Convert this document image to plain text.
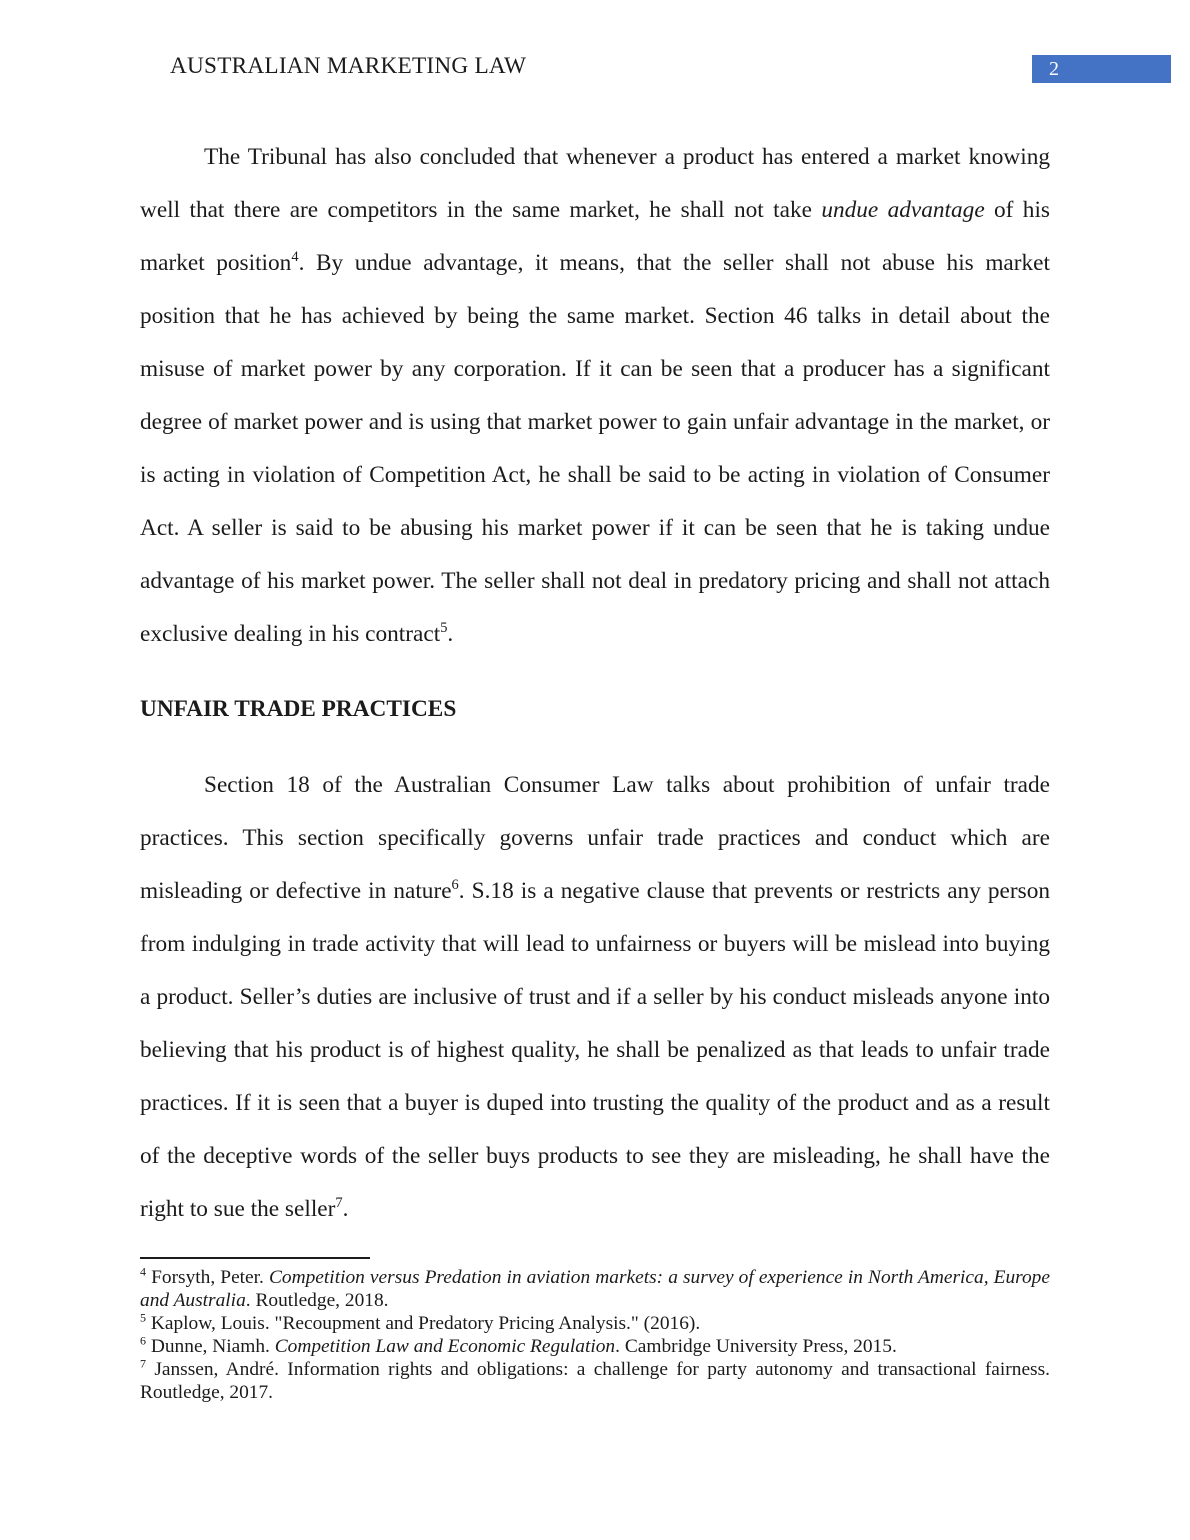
AUSTRALIAN MARKETING LAW	2

The Tribunal has also concluded that whenever a product has entered a market knowing well that there are competitors in the same market, he shall not take undue advantage of his market position$^4$. By undue advantage, it means, that the seller shall not abuse his market position that he has achieved by being the same market. Section 46 talks in detail about the misuse of market power by any corporation. If it can be seen that a producer has a significant degree of market power and is using that market power to gain unfair advantage in the market, or is acting in violation of Competition Act, he shall be said to be acting in violation of Consumer Act. A seller is said to be abusing his market power if it can be seen that he is taking undue advantage of his market power. The seller shall not deal in predatory pricing and shall not attach exclusive dealing in his contract$^5$.

UNFAIR TRADE PRACTICES

Section 18 of the Australian Consumer Law talks about prohibition of unfair trade practices. This section specifically governs unfair trade practices and conduct which are misleading or defective in nature$^6$. S.18 is a negative clause that prevents or restricts any person from indulging in trade activity that will lead to unfairness or buyers will be mislead into buying a product. Seller’s duties are inclusive of trust and if a seller by his conduct misleads anyone into believing that his product is of highest quality, he shall be penalized as that leads to unfair trade practices. If it is seen that a buyer is duped into trusting the quality of the product and as a result of the deceptive words of the seller buys products to see they are misleading, he shall have the right to sue the seller$^7$.

$^4$ Forsyth, Peter. Competition versus Predation in aviation markets: a survey of experience in North America, Europe and Australia. Routledge, 2018.

$^5$ Kaplow, Louis. "Recoupment and Predatory Pricing Analysis." (2016).

$^6$ Dunne, Niamh. Competition Law and Economic Regulation. Cambridge University Press, 2015.

$^7$ Janssen, André. Information rights and obligations: a challenge for party autonomy and transactional fairness. Routledge, 2017.
